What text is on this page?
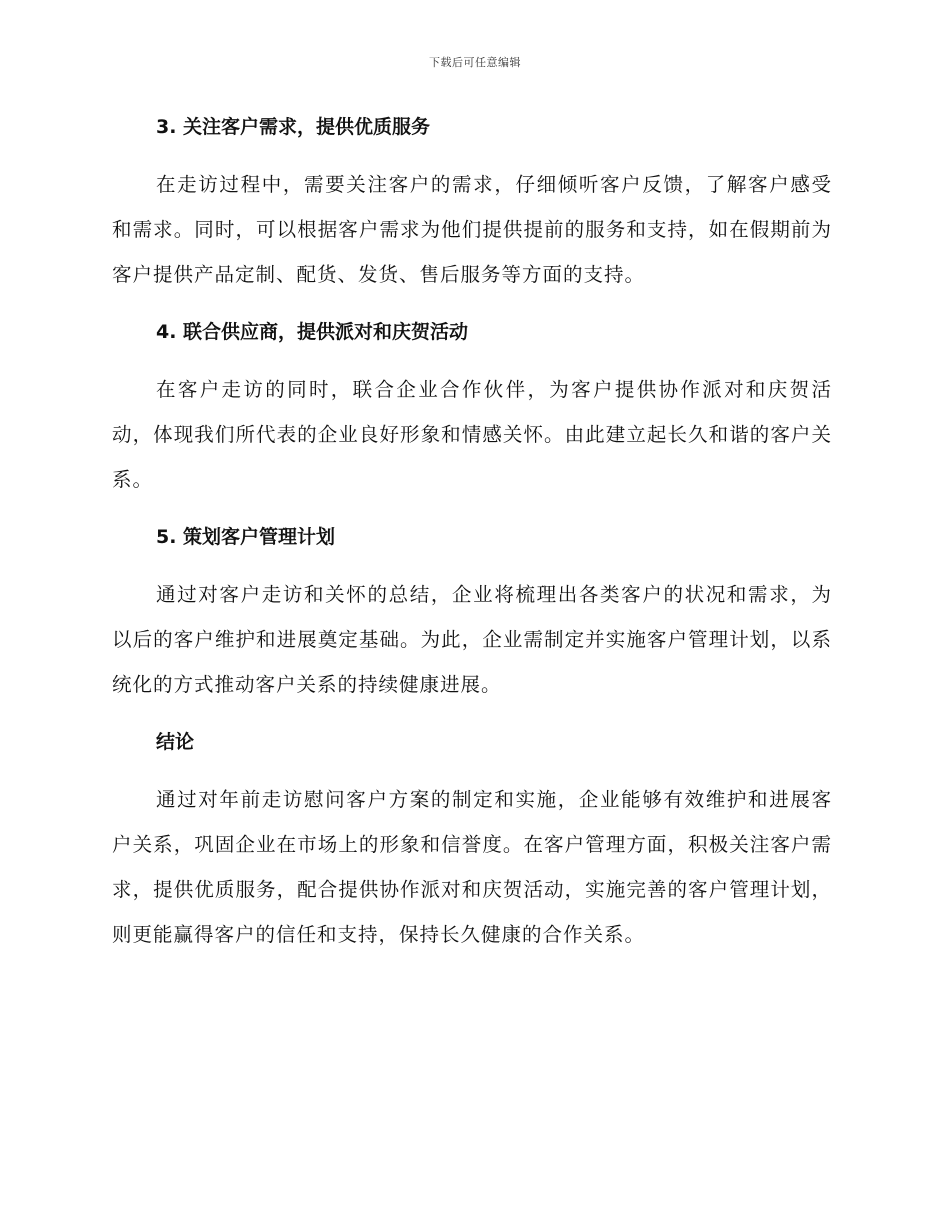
下载后可任意编辑
3. 关注客户需求，提供优质服务

在走访过程中，需要关注客户的需求，仔细倾听客户反馈，了解客户感受和需求。同时，可以根据客户需求为他们提供提前的服务和支持，如在假期前为客户提供产品定制、配货、发货、售后服务等方面的支持。

4. 联合供应商，提供派对和庆贺活动

在客户走访的同时，联合企业合作伙伴，为客户提供协作派对和庆贺活动，体现我们所代表的企业良好形象和情感关怀。由此建立起长久和谐的客户关系。

5. 策划客户管理计划

通过对客户走访和关怀的总结，企业将梳理出各类客户的状况和需求，为以后的客户维护和进展奠定基础。为此，企业需制定并实施客户管理计划，以系统化的方式推动客户关系的持续健康进展。

结论

通过对年前走访慰问客户方案的制定和实施，企业能够有效维护和进展客户关系，巩固企业在市场上的形象和信誉度。在客户管理方面，积极关注客户需求，提供优质服务，配合提供协作派对和庆贺活动，实施完善的客户管理计划，则更能赢得客户的信任和支持，保持长久健康的合作关系。
